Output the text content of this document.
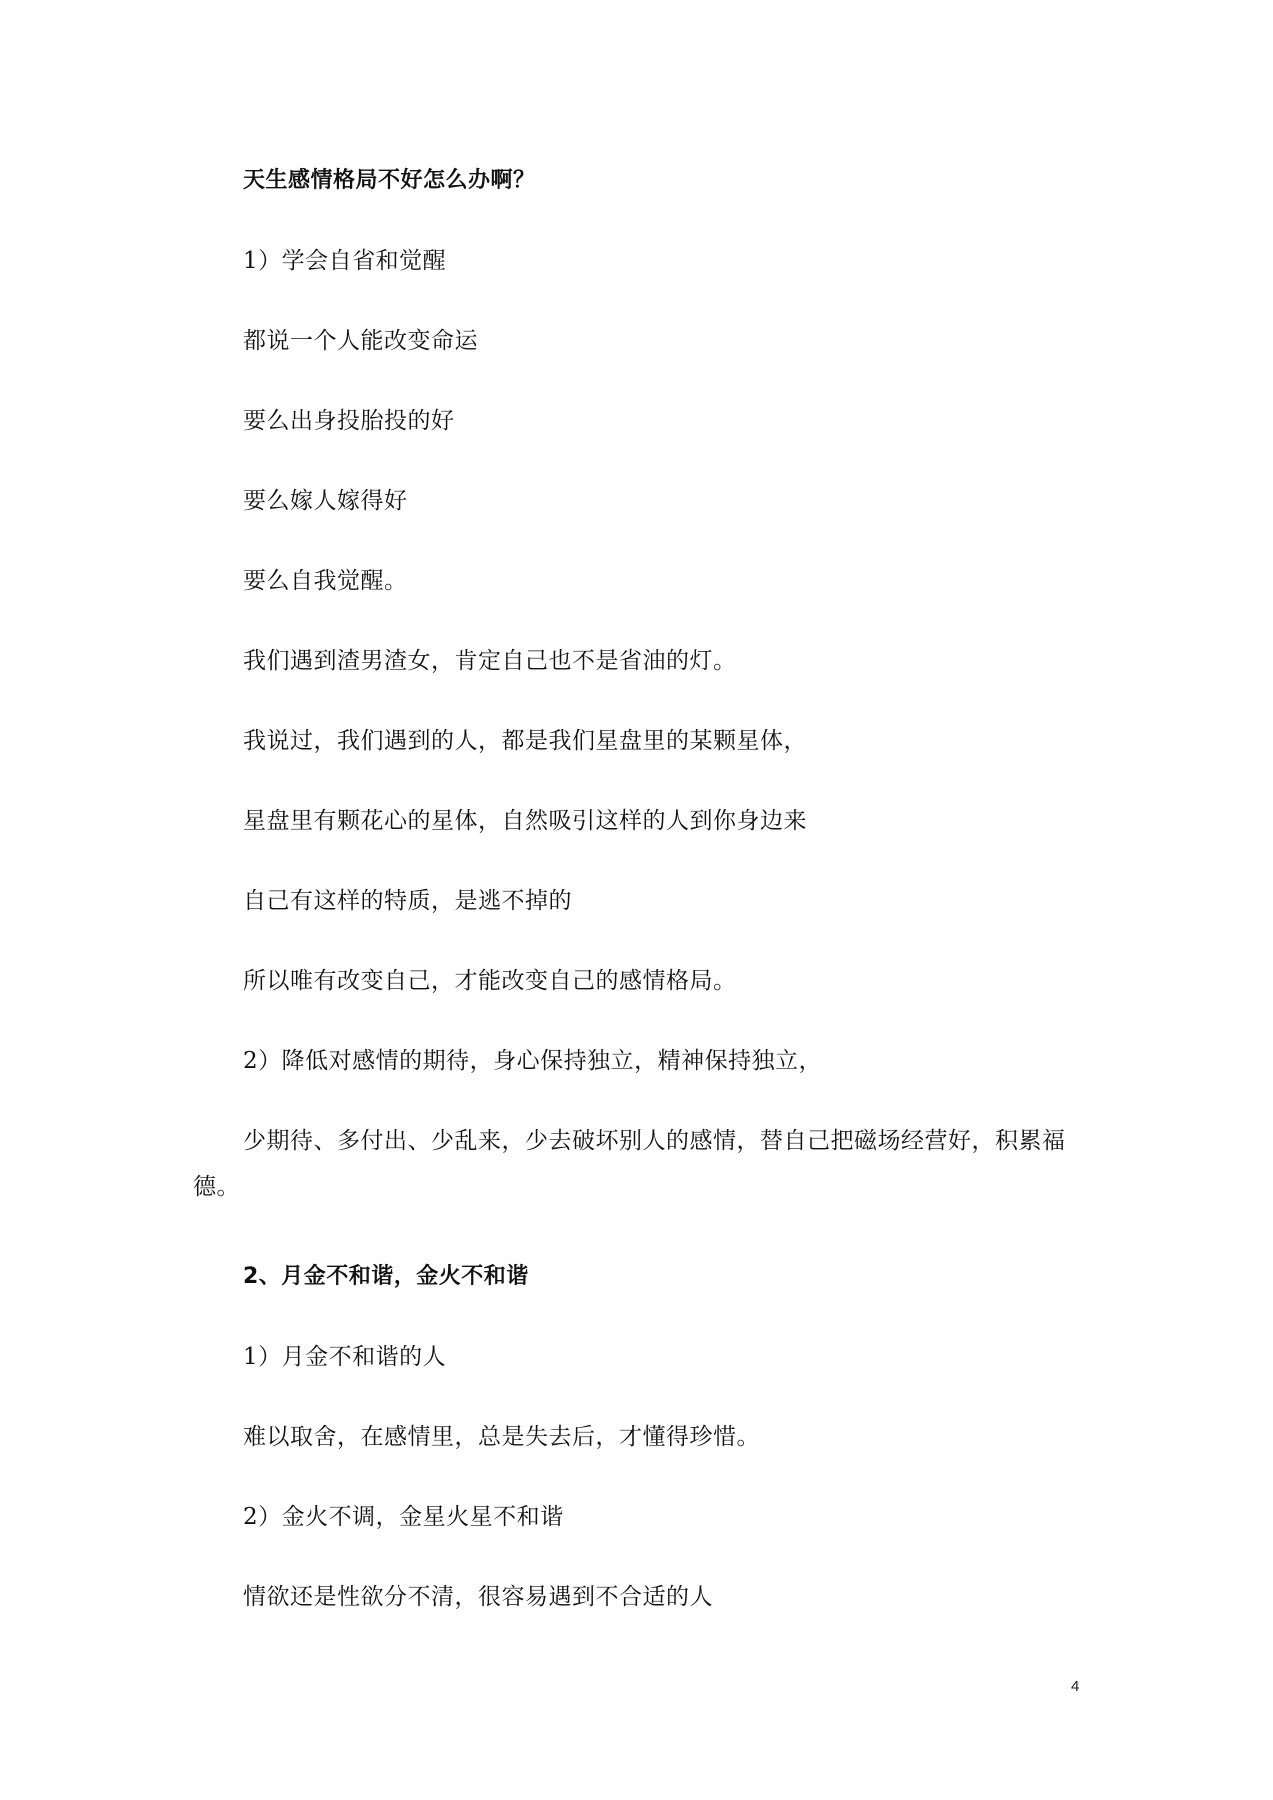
天生感情格局不好怎么办啊？
1）学会自省和觉醒
都说一个人能改变命运
要么出身投胎投的好
要么嫁人嫁得好
要么自我觉醒。
我们遇到渣男渣女，肯定自己也不是省油的灯。
我说过，我们遇到的人，都是我们星盘里的某颗星体，
星盘里有颗花心的星体，自然吸引这样的人到你身边来
自己有这样的特质，是逃不掉的
所以唯有改变自己，才能改变自己的感情格局。
2）降低对感情的期待，身心保持独立，精神保持独立，
少期待、多付出、少乱来，少去破坏别人的感情，替自己把磁场经营好，积累福德。
2、月金不和谐，金火不和谐
1）月金不和谐的人
难以取舍，在感情里，总是失去后，才懂得珍惜。
2）金火不调，金星火星不和谐
情欲还是性欲分不清，很容易遇到不合适的人
4
